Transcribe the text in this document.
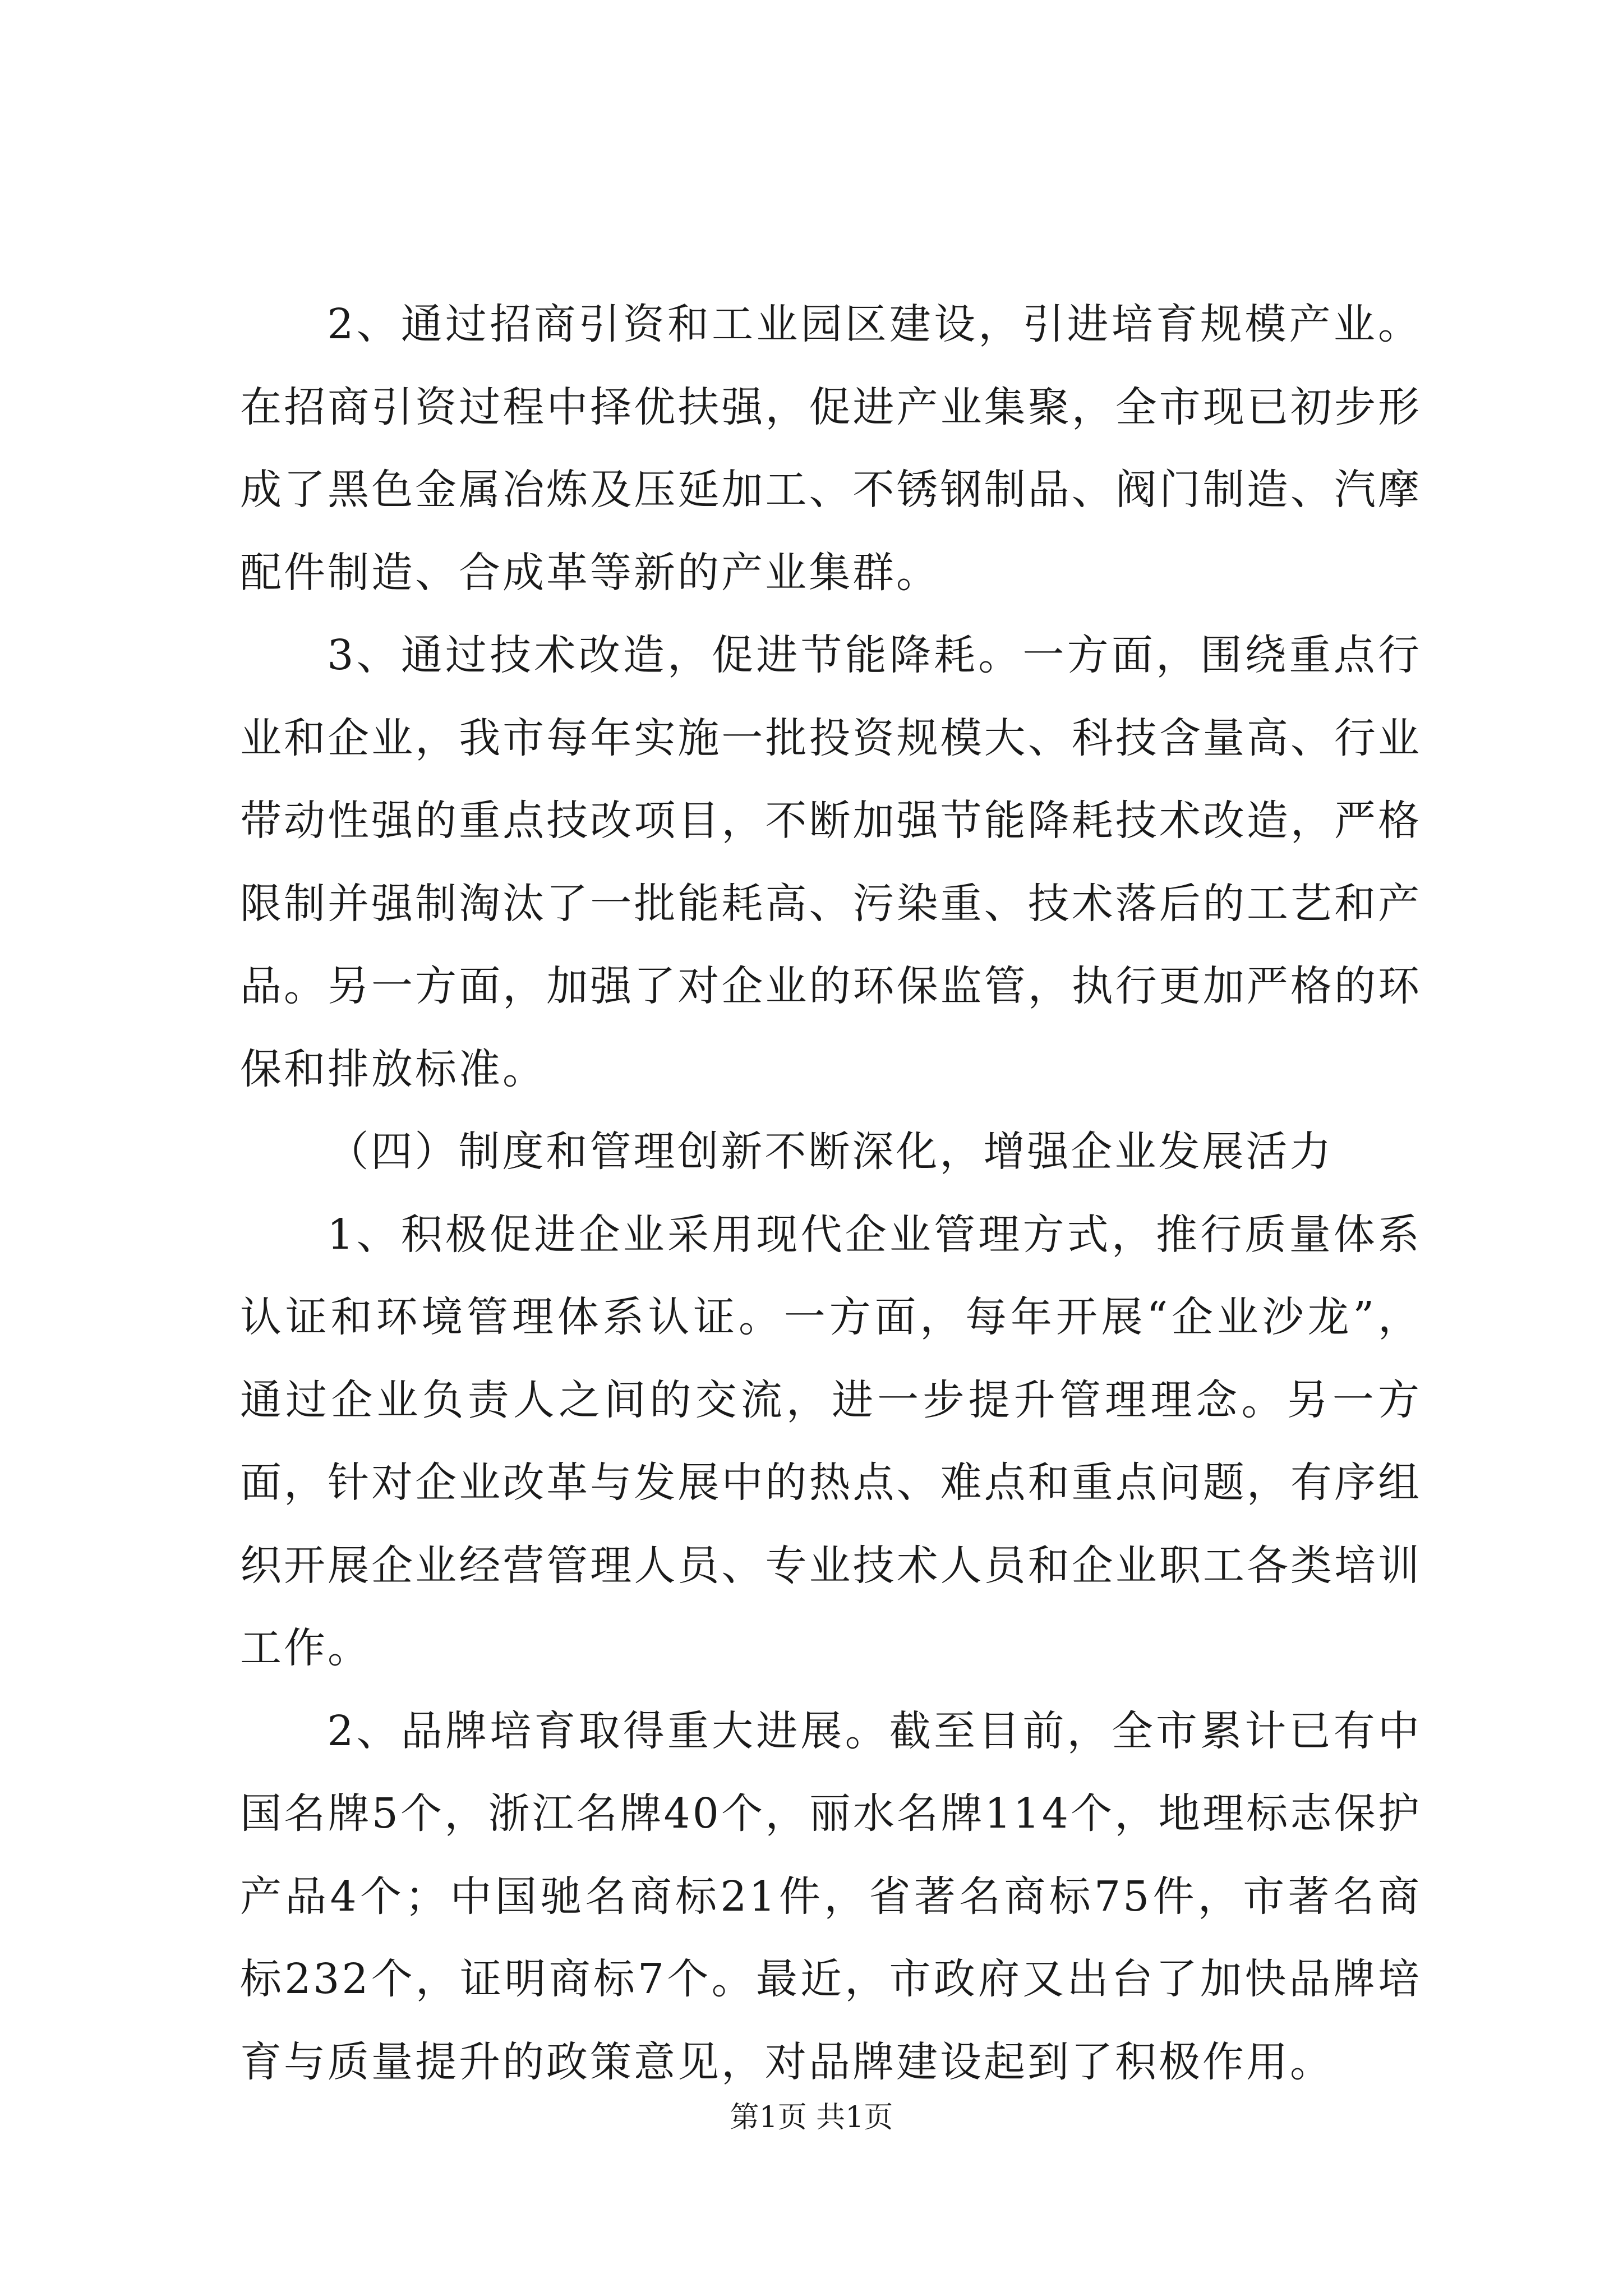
2、通过招商引资和工业园区建设，引进培育规模产业。在招商引资过程中择优扶强，促进产业集聚，全市现已初步形成了黑色金属冶炼及压延加工、不锈钢制品、阀门制造、汽摩配件制造、合成革等新的产业集群。

3、通过技术改造，促进节能降耗。一方面，围绕重点行业和企业，我市每年实施一批投资规模大、科技含量高、行业带动性强的重点技改项目，不断加强节能降耗技术改造，严格限制并强制淘汰了一批能耗高、污染重、技术落后的工艺和产品。另一方面，加强了对企业的环保监管，执行更加严格的环保和排放标准。

（四）制度和管理创新不断深化，增强企业发展活力

1、积极促进企业采用现代企业管理方式，推行质量体系认证和环境管理体系认证。一方面，每年开展“企业沙龙”，通过企业负责人之间的交流，进一步提升管理理念。另一方面，针对企业改革与发展中的热点、难点和重点问题，有序组织开展企业经营管理人员、专业技术人员和企业职工各类培训工作。

2、品牌培育取得重大进展。截至目前，全市累计已有中国名牌5个，浙江名牌40个，丽水名牌114个，地理标志保护产品4个；中国驰名商标21件，省著名商标75件，市著名商标232个，证明商标7个。最近，市政府又出台了加快品牌培育与质量提升的政策意见，对品牌建设起到了积极作用。

第1页 共1页
